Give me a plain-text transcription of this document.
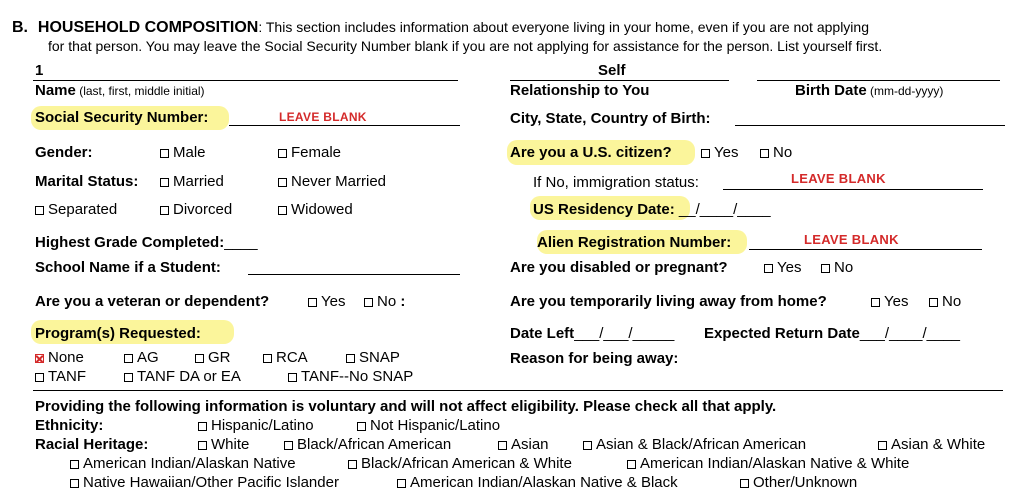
B. HOUSEHOLD COMPOSITION: This section includes information about everyone living in your home, even if you are not applying
for that person. You may leave the Social Security Number blank if you are not applying for assistance for the person. List yourself first.
1	Self
Name (last, first, middle initial)	Relationship to You	Birth Date (mm-dd-yyyy)
Social Security Number:	LEAVE BLANK	City, State, Country of Birth:
Gender:	Male	Female	Are you a U.S. citizen?	Yes	No
Marital Status:	Married	Never Married	If No, immigration status:	LEAVE BLANK
Separated	Divorced	Widowed	US Residency Date: __/____/____
Highest Grade Completed:____	Alien Registration Number:	LEAVE BLANK
School Name if a Student:	Are you disabled or pregnant?	Yes	No
Are you a veteran or dependent?	Yes	No :	Are you temporarily living away from home?	Yes	No
Program(s) Requested:	Date Left___/___/_____ Expected Return Date___/____/____
None	AG	GR	RCA	SNAP	Reason for being away:
TANF	TANF DA or EA	TANF--No SNAP
Providing the following information is voluntary and will not affect eligibility. Please check all that apply.
Ethnicity:	Hispanic/Latino	Not Hispanic/Latino
Racial Heritage:	White	Black/African American	Asian	Asian & Black/African American	Asian & White
American Indian/Alaskan Native	Black/African American & White	American Indian/Alaskan Native & White
Native Hawaiian/Other Pacific Islander	American Indian/Alaskan Native & Black	Other/Unknown
